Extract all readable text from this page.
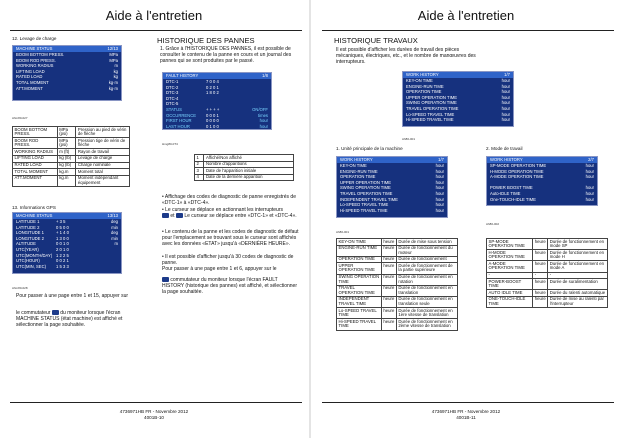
Aide à l'entretien
12. Levage de charge
MACHINE STATUS	12/13
BOOM BOTTOM PRESS.	MPa
BOOM ROD PRESS.	MPa
WORKING RADIUS	m
LIFTING LOAD	kg
RATED LOAD	kg
TOTAL MOMENT	kg·m
ATT.MOMENT	kg·m
Ahm80-027
BOOM BOTTOM PRESS.	MPa (psi)	Pression au pied de vérin de flèche
BOOM ROD PRESS.	MPa (psi)	Pression tige de vérin de flèche
WORKING RADIUS	m (ft)	Rayon de travail
LIFTING LOAD	kg (lb)	Levage de charge
RATED LOAD	kg (lb)	Charge nominale
TOTAL MOMENT	kg.m	Moment total
ATT.MOMENT	kg.m	Moment indépendant équipement
13. Informations GPS
MACHINE STATUS	13/13
LATITUDE 1	+ 3 5	deg
LATITUDE 2	0 5 0 0	min
LONGITUDE 1	+ 1 4 0	deg
LONGITUDE 2	1 3 0 0	min
ALTITUDE	0 0 1 0	m
UTC(YEAR)	2 0 1 0
UTC(MONTH/DAY) 1 2 2 5
UTC(HOUR)	0 0 2 1
UTC(MIN, SEC)	1 5 3 3
Ahm80-028
Pour passer à une page entre 1 et 15, appuyer sur
le commutateur du moniteur lorsque l'écran MACHINE STATUS (état machine) est affiché et sélectionner la page souhaitée.
HISTORIQUE DES PANNES
1. Grâce à l'HISTORIQUE DES PANNES, il est possible de consulter le contenu de la panne en cours et un journal des pannes qui se sont produites par le passé.
FAULT HISTORY	1/8
DTC-1	7 0 0 4
DTC-2	0 2 0 1
DTC-3	1 8 0 2
DTC-4
DTC-5
STATUS	+ + + +	ON/OFF
OCCURRENCE	0 0 0 1	times
FIRST HOUR	0 0 0 0	hour
LAST HOUR	0 1 0 0	hour
Hmg80-0T4
1	Affiché/Non affiché
2	Nombre d'apparitions
3	Date de l'apparition initiale
4	Date de la dernière apparition
• Affichage des codes de diagnostic de panne enregistrés de «DTC-1» à «DTC-4».
• Le curseur se déplace en actionnant les interrupteurs
et Le curseur se déplace entre «DTC-1» et «DTC-4».
• Le contenu de la panne et les codes de diagnostic de défaut pour l'emplacement se trouvant sous le curseur sont affichés avec les données «ETAT» jusqu'à «DERNIÈRE HEURE».
• Il est possible d'afficher jusqu'à 30 codes de diagnostic de panne.
Pour passer à une page entre 1 et 6, appuyer sur le
commutateur du moniteur lorsque l'écran FAULT HISTORY (historique des pannes) est affiché, et sélectionner la page souhaitée.
4736971HB FR - Novembre 2012
4001B-10
Aide à l'entretien
HISTORIQUE TRAVAUX
Il est possible d'afficher les durées de travail des pièces mécaniques, électriques, etc., et le nombre de manœuvres des interrupteurs.
WORK HISTORY	1/7
KEY-ON TIME	hour
ENGINE-RUN TIME	hour
OPERATION TIME	hour
UPPER OPERATION TIME	hour
SWING OPERATION TIME	hour
TRAVEL OPERATION TIME	hour
Lo-SPEED TRAVEL TIME	hour
Hi-SPEED TRAVEL TIME	hour
Ah80-001
1. Unité principale de la machine	2. Mode de travail
WORK HISTORY	1/7
KEY-ON TIME	hour
ENGINE-RUN TIME	hour
OPERATION TIME	hour
UPPER OPERATION TIME	hour
SWING OPERATION TIME	hour
TRAVEL OPERATION TIME	hour
INDEPENDENT TRAVEL TIME	hour
Lo-SPEED TRAVEL TIME	hour
Hi-SPEED TRAVEL TIME	hour
Ah80-001
WORK HISTORY	2/7
SP-MODE OPERATION TIME	hour
H-MODE OPERATION TIME	hour
A-MODE OPERATION TIME	hour
POWER BOOST TIME	hour
Auto-IDLE TIME	hour
One-TOUCH-IDLE TIME	hour
Ah80-002
KEY-ON TIME	heure	Durée de mise sous tension
ENGINE-RUN TIME	heure	Durée de fonctionnement du moteur
OPERATION TIME	heure	Durée de fonctionnement
UPPER OPERATION TIME	heure	Durée de fonctionnement de la partie supérieure
SWING OPERATION TIME	heure	Durée de fonctionnement en rotation
TRAVEL OPERATION TIME	heure	Durée de fonctionnement en translation
INDEPENDENT TRAVEL TIME	heure	Durée de fonctionnement en translation seule
Lo-SPEED TRAVEL TIME	heure	Durée de fonctionnement en 1ère vitesse de translation
Hi-SPEED TRAVEL TIME	heure	Durée de fonctionnement en 2ème vitesse de translation
SP-MODE OPERATION TIME	heure	Durée de fonctionnement en mode SP
H-MODE OPERATION TIME	heure	Durée de fonctionnement en mode H
A-MODE OPERATION TIME	heure	Durée de fonctionnement en mode A
-	-	-
POWER-BOOST TIME	heure	Durée de suralimentation
AUTO IDLE TIME	heure	Durée du ralenti automatique
ONE-TOUCH-IDLE TIME	heure	Durée de mise au ralenti par l'interrupteur
4736971HB FR - Novembre 2012
4001B-11
